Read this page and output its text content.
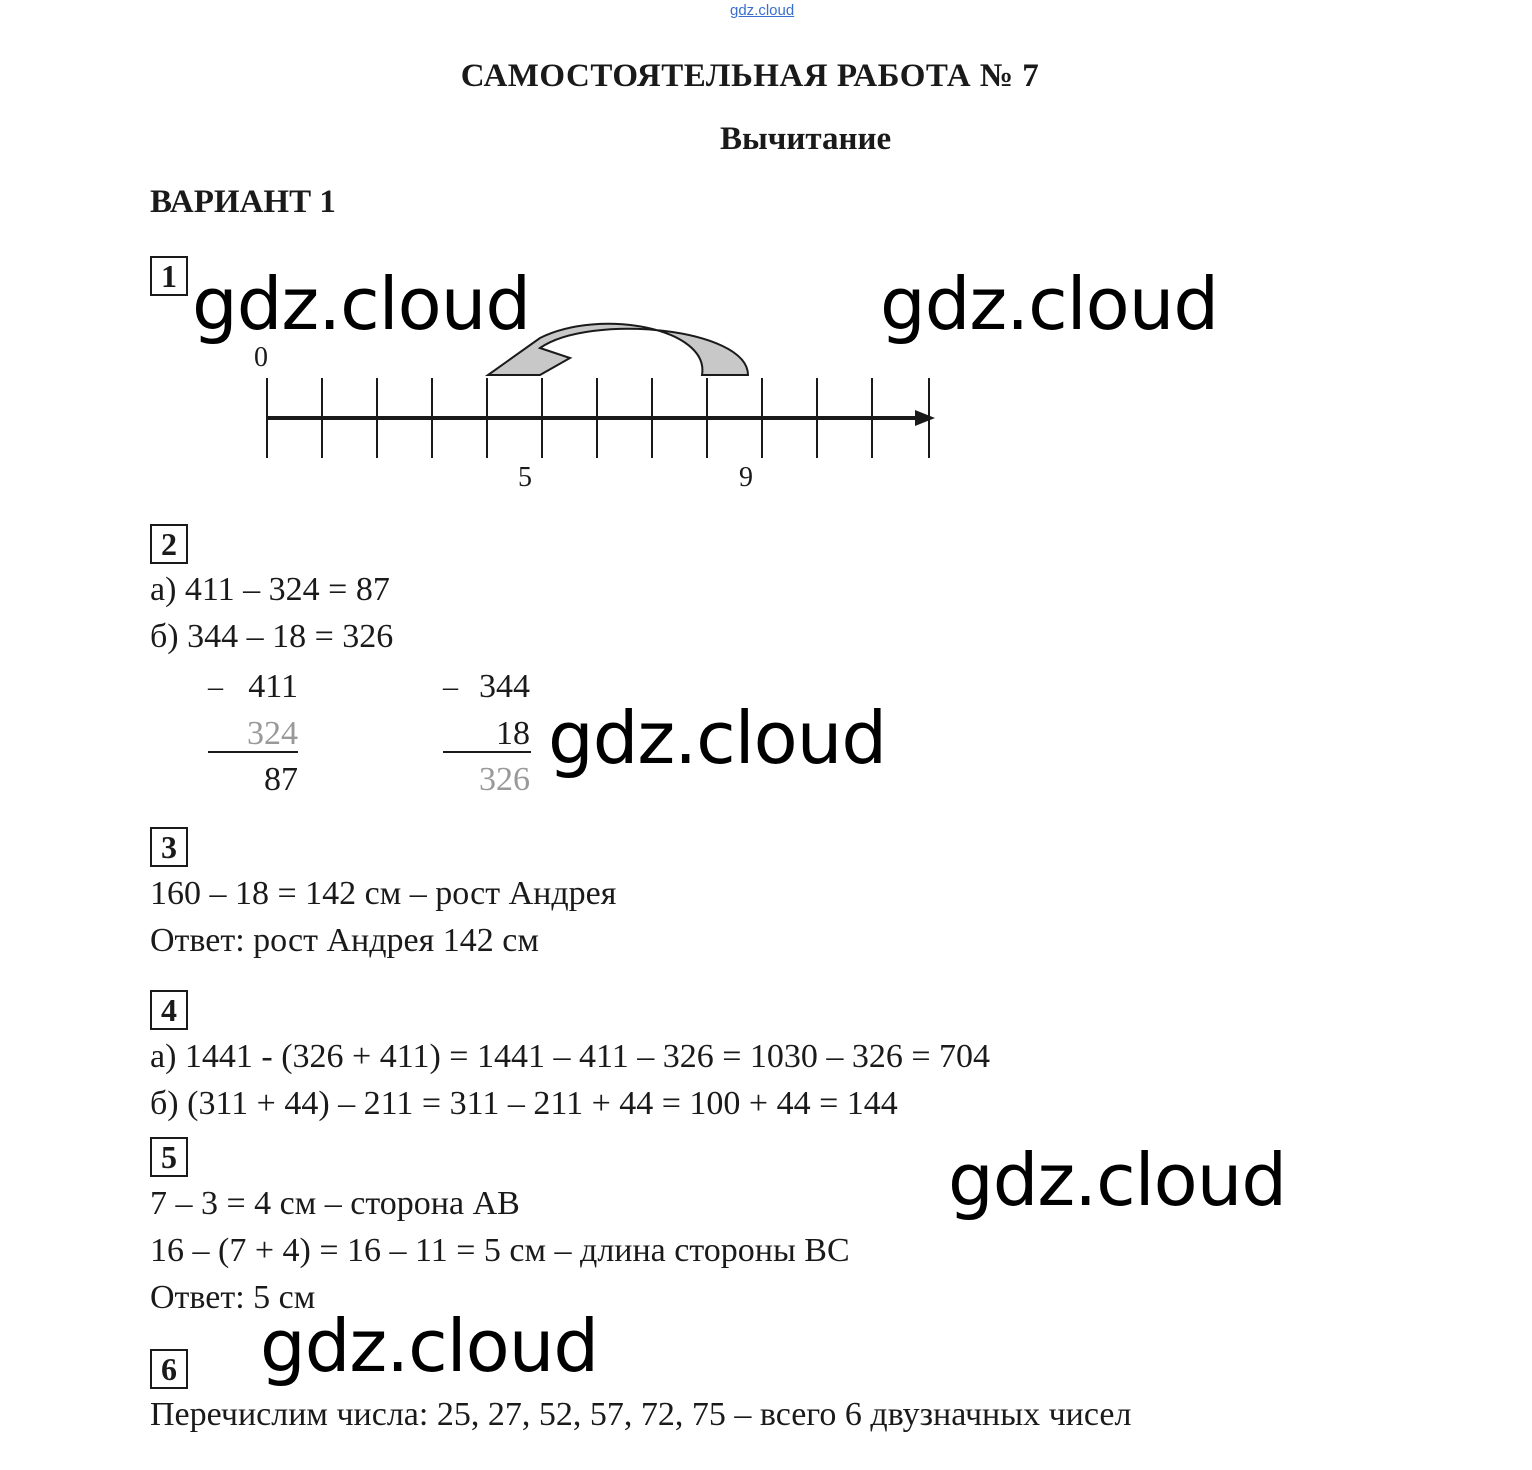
gdz.cloud
САМОСТОЯТЕЛЬНАЯ РАБОТА № 7
Вычитание
ВАРИАНТ 1
1
0
5	9
gdz.cloud	gdz.cloud
2
а) 411 – 324 = 87
б) 344 – 18 = 326
_ 411
324
87
_ 344
18
326 gdz.cloud
3
160 – 18 = 142 см – рост Андрея
Ответ: рост Андрея 142 см
4
а) 1441 - (326 + 411) = 1441 – 411 – 326 = 1030 – 326 = 704
б) (311 + 44) – 211 = 311 – 211 + 44 = 100 + 44 = 144
5
7 – 3 = 4 см – сторона АВ
16 – (7 + 4) = 16 – 11 = 5 см – длина стороны ВС
Ответ: 5 см
gdz.cloud
gdz.cloud
6
Перечислим числа: 25, 27, 52, 57, 72, 75 – всего 6 двузначных чисел
